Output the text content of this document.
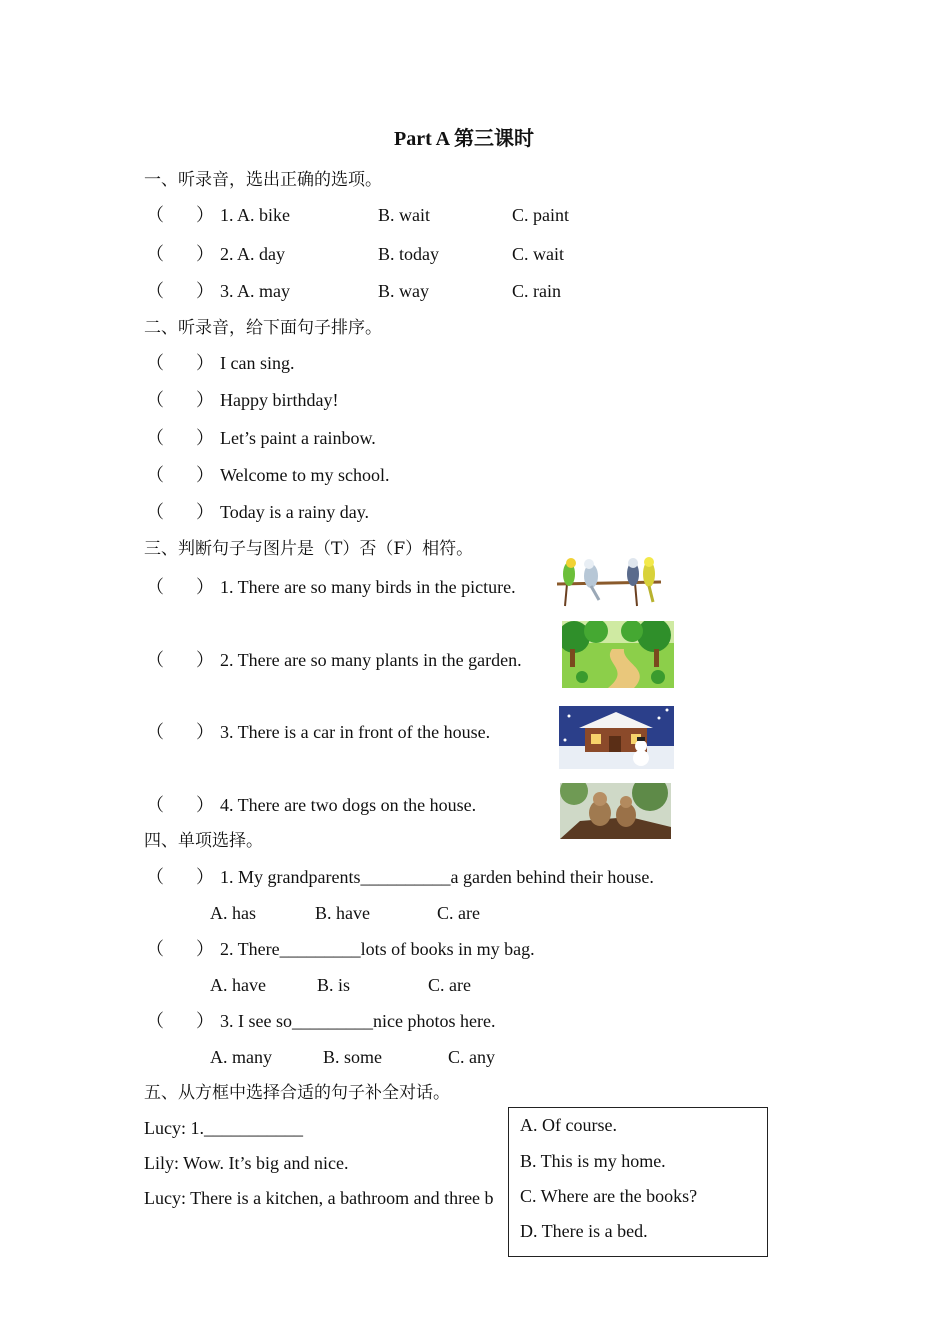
Part A 第三课时
一、听录音，选出正确的选项。
（ ） 1. A. bike	B. wait	C. paint
（ ） 2. A. day	B. today	C. wait
（ ） 3. A. may	B. way	C. rain
二、听录音，给下面句子排序。
（ ） I can sing.
（ ） Happy birthday!
（ ） Let’s paint a rainbow.
（ ） Welcome to my school.
（ ） Today is a rainy day.
三、判断句子与图片是（T）否（F）相符。
（ ） 1. There are so many birds in the picture.
（ ） 2. There are so many plants in the garden.
（ ） 3. There is a car in front of the house.
（ ） 4. There are two dogs on the house.
四、单项选择。
（ ） 1. My grandparents__________a garden behind their house.
A. has	B. have	C. are
（ ） 2. There_________lots of books in my bag.
A. have	B. is	C. are
（ ） 3. I see so_________nice photos here.
A. many	B. some	C. any
五、从方框中选择合适的句子补全对话。
Lucy: 1.___________
Lily: Wow. It’s big and nice.
Lucy: There is a kitchen, a bathroom and three b
A. Of course.
B. This is my home.
C. Where are the books?
D. There is a bed.
